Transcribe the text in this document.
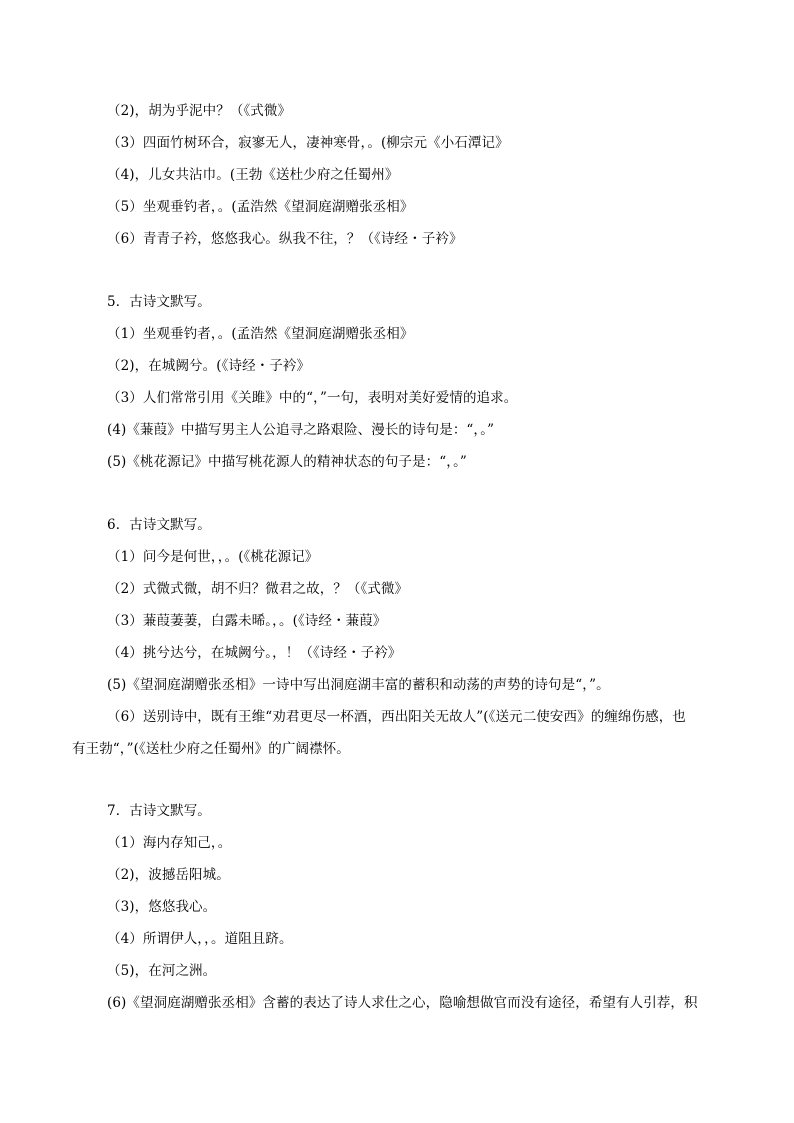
（2)，胡为乎泥中？（《式微》
（3）四面竹树环合，寂寥无人，凄神寒骨，。(柳宗元《小石潭记》
（4)，儿女共沾巾。(王勃《送杜少府之任蜀州》
（5）坐观垂钓者，。(孟浩然《望洞庭湖赠张丞相》
（6）青青子衿，悠悠我心。纵我不往，？（《诗经・子衿》
5．古诗文默写。
（1）坐观垂钓者，。(孟浩然《望洞庭湖赠张丞相》
（2)，在城阙兮。(《诗经・子衿》
（3）人们常常引用《关雎》中的“，”一句，表明对美好爱情的追求。
(4)《蒹葭》中描写男主人公追寻之路艰险、漫长的诗句是：“，。”
(5)《桃花源记》中描写桃花源人的精神状态的句子是：“，。”
6．古诗文默写。
（1）问今是何世，，。(《桃花源记》
（2）式微式微，胡不归？微君之故，？（《式微》
（3）蒹葭萋萋，白露未晞。，。(《诗经・蒹葭》
（4）挑兮达兮，在城阙兮。，！（《诗经・子衿》
(5)《望洞庭湖赠张丞相》一诗中写出洞庭湖丰富的蓄积和动荡的声势的诗句是“，”。
（6）送别诗中，既有王维“劝君更尽一杯酒，西出阳关无故人”(《送元二使安西》的缠绵伤感，也
有王勃“，”(《送杜少府之任蜀州》的广阔襟怀。
7．古诗文默写。
（1）海内存知己，。
（2)，波撼岳阳城。
（3)，悠悠我心。
（4）所谓伊人，，。道阻且跻。
（5)，在河之洲。
(6)《望洞庭湖赠张丞相》含蓄的表达了诗人求仕之心，隐喻想做官而没有途径，希望有人引荐，积
